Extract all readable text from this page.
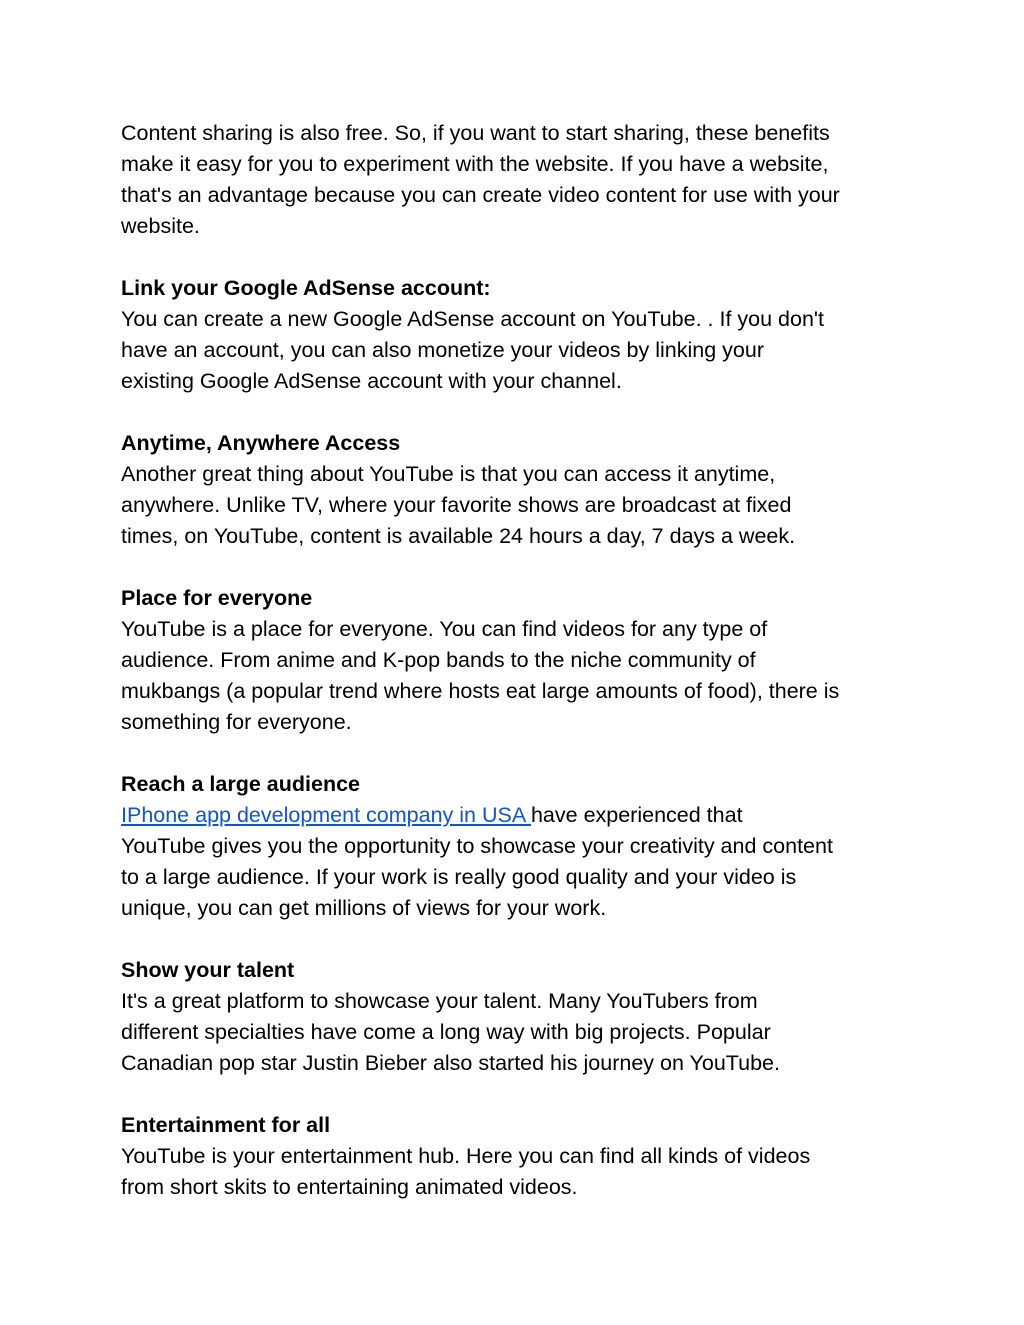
Content sharing is also free. So, if you want to start sharing, these benefits
make it easy for you to experiment with the website. If you have a website,
that's an advantage because you can create video content for use with your
website.

Link your Google AdSense account:

You can create a new Google AdSense account on YouTube. . If you don't
have an account, you can also monetize your videos by linking your
existing Google AdSense account with your channel.

Anytime, Anywhere Access

Another great thing about YouTube is that you can access it anytime,
anywhere. Unlike TV, where your favorite shows are broadcast at fixed
times, on YouTube, content is available 24 hours a day, 7 days a week.

Place for everyone

YouTube is a place for everyone. You can find videos for any type of
audience. From anime and K-pop bands to the niche community of
mukbangs (a popular trend where hosts eat large amounts of food), there is
something for everyone.

Reach a large audience

IPhone app development company in USA have experienced that
YouTube gives you the opportunity to showcase your creativity and content
to a large audience. If your work is really good quality and your video is
unique, you can get millions of views for your work.

Show your talent

It's a great platform to showcase your talent. Many YouTubers from
different specialties have come a long way with big projects. Popular
Canadian pop star Justin Bieber also started his journey on YouTube.

Entertainment for all

YouTube is your entertainment hub. Here you can find all kinds of videos
from short skits to entertaining animated videos.
